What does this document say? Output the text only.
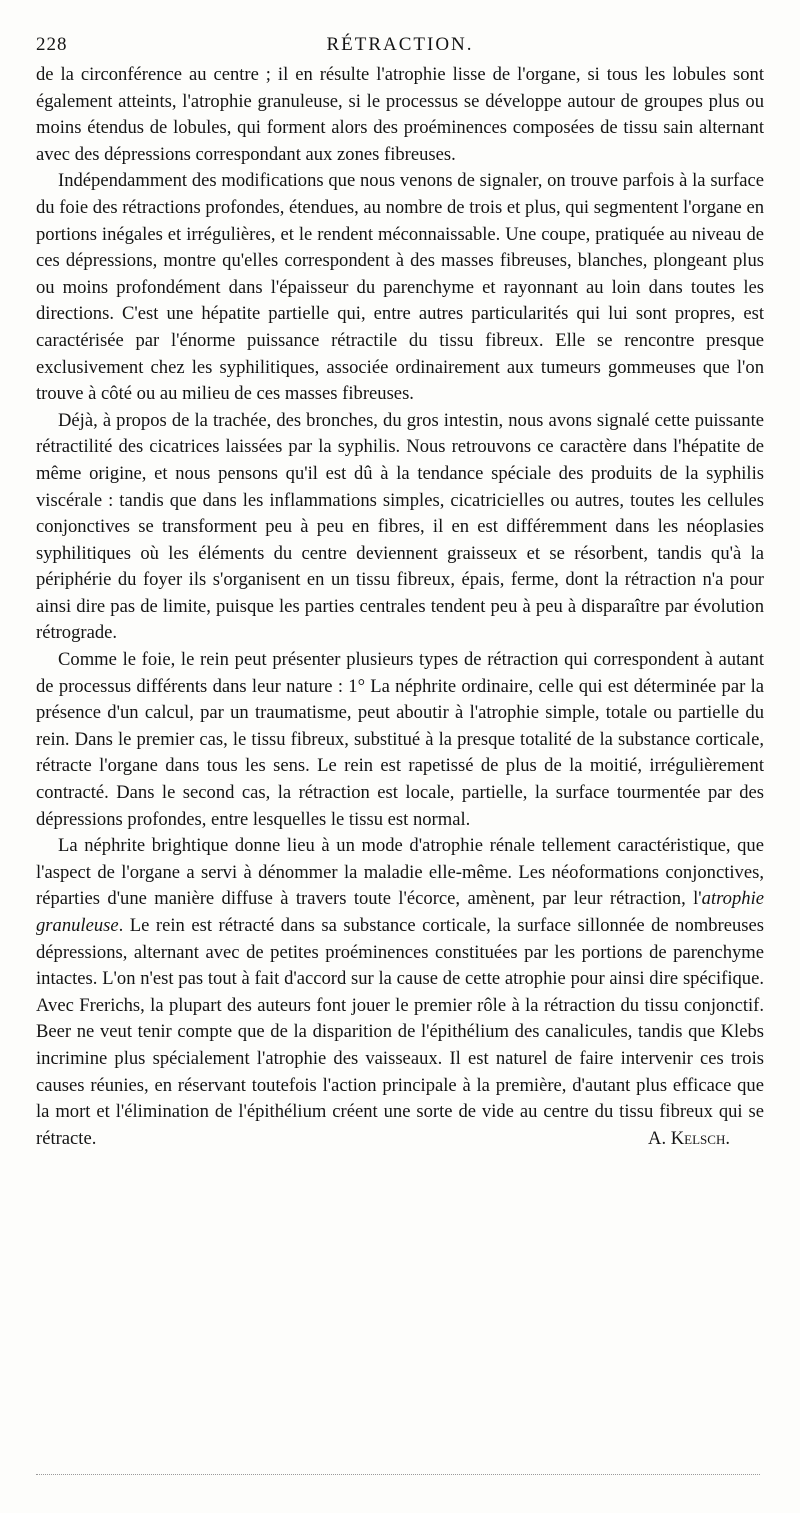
228	RÉTRACTION.

de la circonférence au centre ; il en résulte l'atrophie lisse de l'organe, si tous les lobules sont également atteints, l'atrophie granuleuse, si le processus se développe autour de groupes plus ou moins étendus de lobules, qui forment alors des proéminences composées de tissu sain alternant avec des dépressions correspondant aux zones fibreuses.

Indépendamment des modifications que nous venons de signaler, on trouve parfois à la surface du foie des rétractions profondes, étendues, au nombre de trois et plus, qui segmentent l'organe en portions inégales et irrégulières, et le rendent méconnaissable. Une coupe, pratiquée au niveau de ces dépressions, montre qu'elles correspondent à des masses fibreuses, blanches, plongeant plus ou moins profondément dans l'épaisseur du parenchyme et rayonnant au loin dans toutes les directions. C'est une hépatite partielle qui, entre autres particularités qui lui sont propres, est caractérisée par l'énorme puissance rétractile du tissu fibreux. Elle se rencontre presque exclusivement chez les syphilitiques, associée ordinairement aux tumeurs gommeuses que l'on trouve à côté ou au milieu de ces masses fibreuses.

Déjà, à propos de la trachée, des bronches, du gros intestin, nous avons signalé cette puissante rétractilité des cicatrices laissées par la syphilis. Nous retrouvons ce caractère dans l'hépatite de même origine, et nous pensons qu'il est dû à la tendance spéciale des produits de la syphilis viscérale : tandis que dans les inflammations simples, cicatricielles ou autres, toutes les cellules conjonctives se transforment peu à peu en fibres, il en est différemment dans les néoplasies syphilitiques où les éléments du centre deviennent graisseux et se résorbent, tandis qu'à la périphérie du foyer ils s'organisent en un tissu fibreux, épais, ferme, dont la rétraction n'a pour ainsi dire pas de limite, puisque les parties centrales tendent peu à peu à disparaître par évolution rétrograde.

Comme le foie, le rein peut présenter plusieurs types de rétraction qui correspondent à autant de processus différents dans leur nature : 1° La néphrite ordinaire, celle qui est déterminée par la présence d'un calcul, par un traumatisme, peut aboutir à l'atrophie simple, totale ou partielle du rein. Dans le premier cas, le tissu fibreux, substitué à la presque totalité de la substance corticale, rétracte l'organe dans tous les sens. Le rein est rapetissé de plus de la moitié, irrégulièrement contracté. Dans le second cas, la rétraction est locale, partielle, la surface tourmentée par des dépressions profondes, entre lesquelles le tissu est normal.

La néphrite brightique donne lieu à un mode d'atrophie rénale tellement caractéristique, que l'aspect de l'organe a servi à dénommer la maladie elle-même. Les néoformations conjonctives, réparties d'une manière diffuse à travers toute l'écorce, amènent, par leur rétraction, l'atrophie granuleuse. Le rein est rétracté dans sa substance corticale, la surface sillonnée de nombreuses dépressions, alternant avec de petites proéminences constituées par les portions de parenchyme intactes. L'on n'est pas tout à fait d'accord sur la cause de cette atrophie pour ainsi dire spécifique. Avec Frerichs, la plupart des auteurs font jouer le premier rôle à la rétraction du tissu conjonctif. Beer ne veut tenir compte que de la disparition de l'épithélium des canalicules, tandis que Klebs incrimine plus spécialement l'atrophie des vaisseaux. Il est naturel de faire intervenir ces trois causes réunies, en réservant toutefois l'action principale à la première, d'autant plus efficace que la mort et l'élimination de l'épithélium créent une sorte de vide au centre du tissu fibreux qui se rétracte.	A. Kelsch.
